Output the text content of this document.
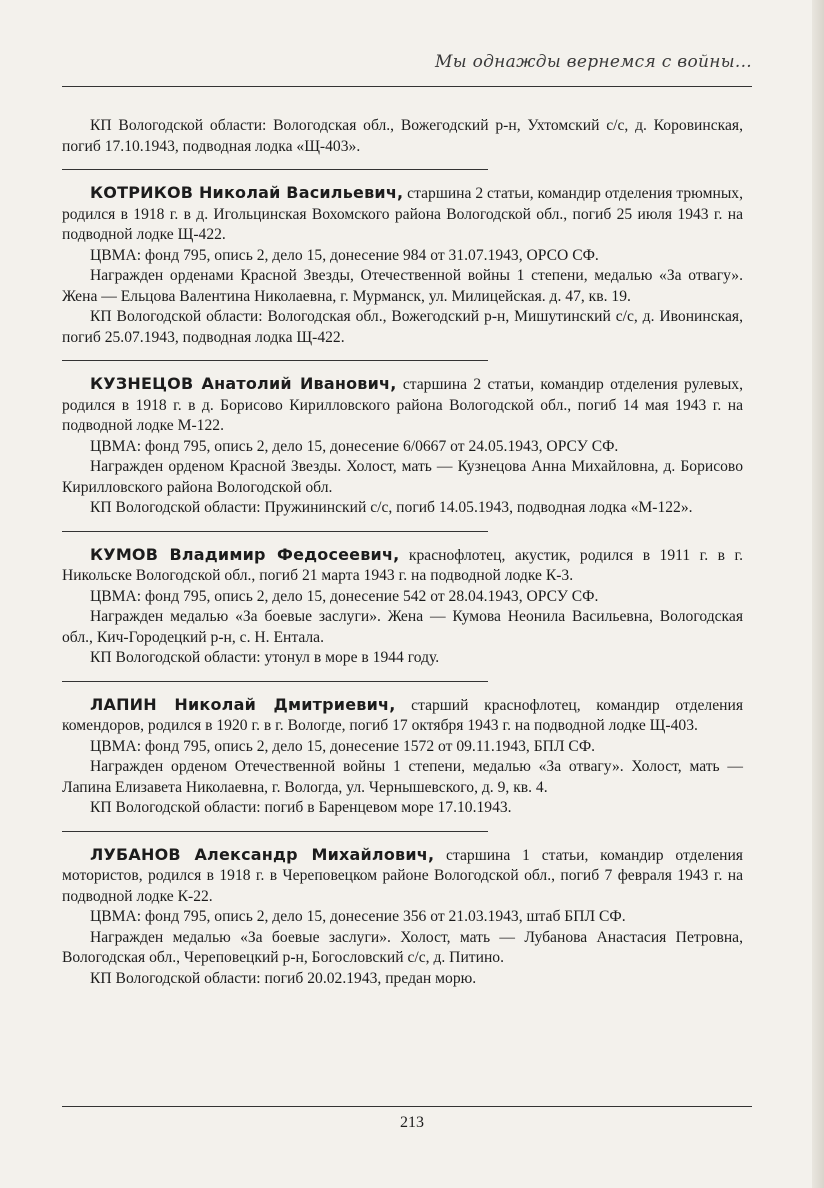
Мы однажды вернемся с войны...

КП Вологодской области: Вологодская обл., Вожегодский р-н, Ухтомский с/с, д. Коровинская, погиб 17.10.1943, подводная лодка «Щ-403».

КОТРИКОВ Николай Васильевич, старшина 2 статьи, командир отделения трюмных, родился в 1918 г. в д. Игольцинская Вохомского района Вологодской обл., погиб 25 июля 1943 г. на подводной лодке Щ-422.

ЦВМА: фонд 795, опись 2, дело 15, донесение 984 от 31.07.1943, ОРСО СФ.

Награжден орденами Красной Звезды, Отечественной войны 1 степени, медалью «За отвагу». Жена — Ельцова Валентина Николаевна, г. Мурманск, ул. Милицейская. д. 47, кв. 19.

КП Вологодской области: Вологодская обл., Вожегодский р-н, Мишутинский с/с, д. Ивонинская, погиб 25.07.1943, подводная лодка Щ-422.

КУЗНЕЦОВ Анатолий Иванович, старшина 2 статьи, командир отделения рулевых, родился в 1918 г. в д. Борисово Кирилловского района Вологодской обл., погиб 14 мая 1943 г. на подводной лодке М-122.

ЦВМА: фонд 795, опись 2, дело 15, донесение 6/0667 от 24.05.1943, ОРСУ СФ.

Награжден орденом Красной Звезды. Холост, мать — Кузнецова Анна Михайловна, д. Борисово Кирилловского района Вологодской обл.

КП Вологодской области: Пружининский с/с, погиб 14.05.1943, подводная лодка «М-122».

КУМОВ Владимир Федосеевич, краснофлотец, акустик, родился в 1911 г. в г. Никольске Вологодской обл., погиб 21 марта 1943 г. на подводной лодке К-3.

ЦВМА: фонд 795, опись 2, дело 15, донесение 542 от 28.04.1943, ОРСУ СФ.

Награжден медалью «За боевые заслуги». Жена — Кумова Неонила Васильевна, Вологодская обл., Кич-Городецкий р-н, с. Н. Ентала.

КП Вологодской области: утонул в море в 1944 году.

ЛАПИН Николай Дмитриевич, старший краснофлотец, командир отделения комендоров, родился в 1920 г. в г. Вологде, погиб 17 октября 1943 г. на подводной лодке Щ-403.

ЦВМА: фонд 795, опись 2, дело 15, донесение 1572 от 09.11.1943, БПЛ СФ.

Награжден орденом Отечественной войны 1 степени, медалью «За отвагу». Холост, мать — Лапина Елизавета Николаевна, г. Вологда, ул. Чернышевского, д. 9, кв. 4.

КП Вологодской области: погиб в Баренцевом море 17.10.1943.

ЛУБАНОВ Александр Михайлович, старшина 1 статьи, командир отделения мотористов, родился в 1918 г. в Череповецком районе Вологодской обл., погиб 7 февраля 1943 г. на подводной лодке К-22.

ЦВМА: фонд 795, опись 2, дело 15, донесение 356 от 21.03.1943, штаб БПЛ СФ.

Награжден медалью «За боевые заслуги». Холост, мать — Лубанова Анастасия Петровна, Вологодская обл., Череповецкий р-н, Богословский с/с, д. Питино.

КП Вологодской области: погиб 20.02.1943, предан морю.

213
